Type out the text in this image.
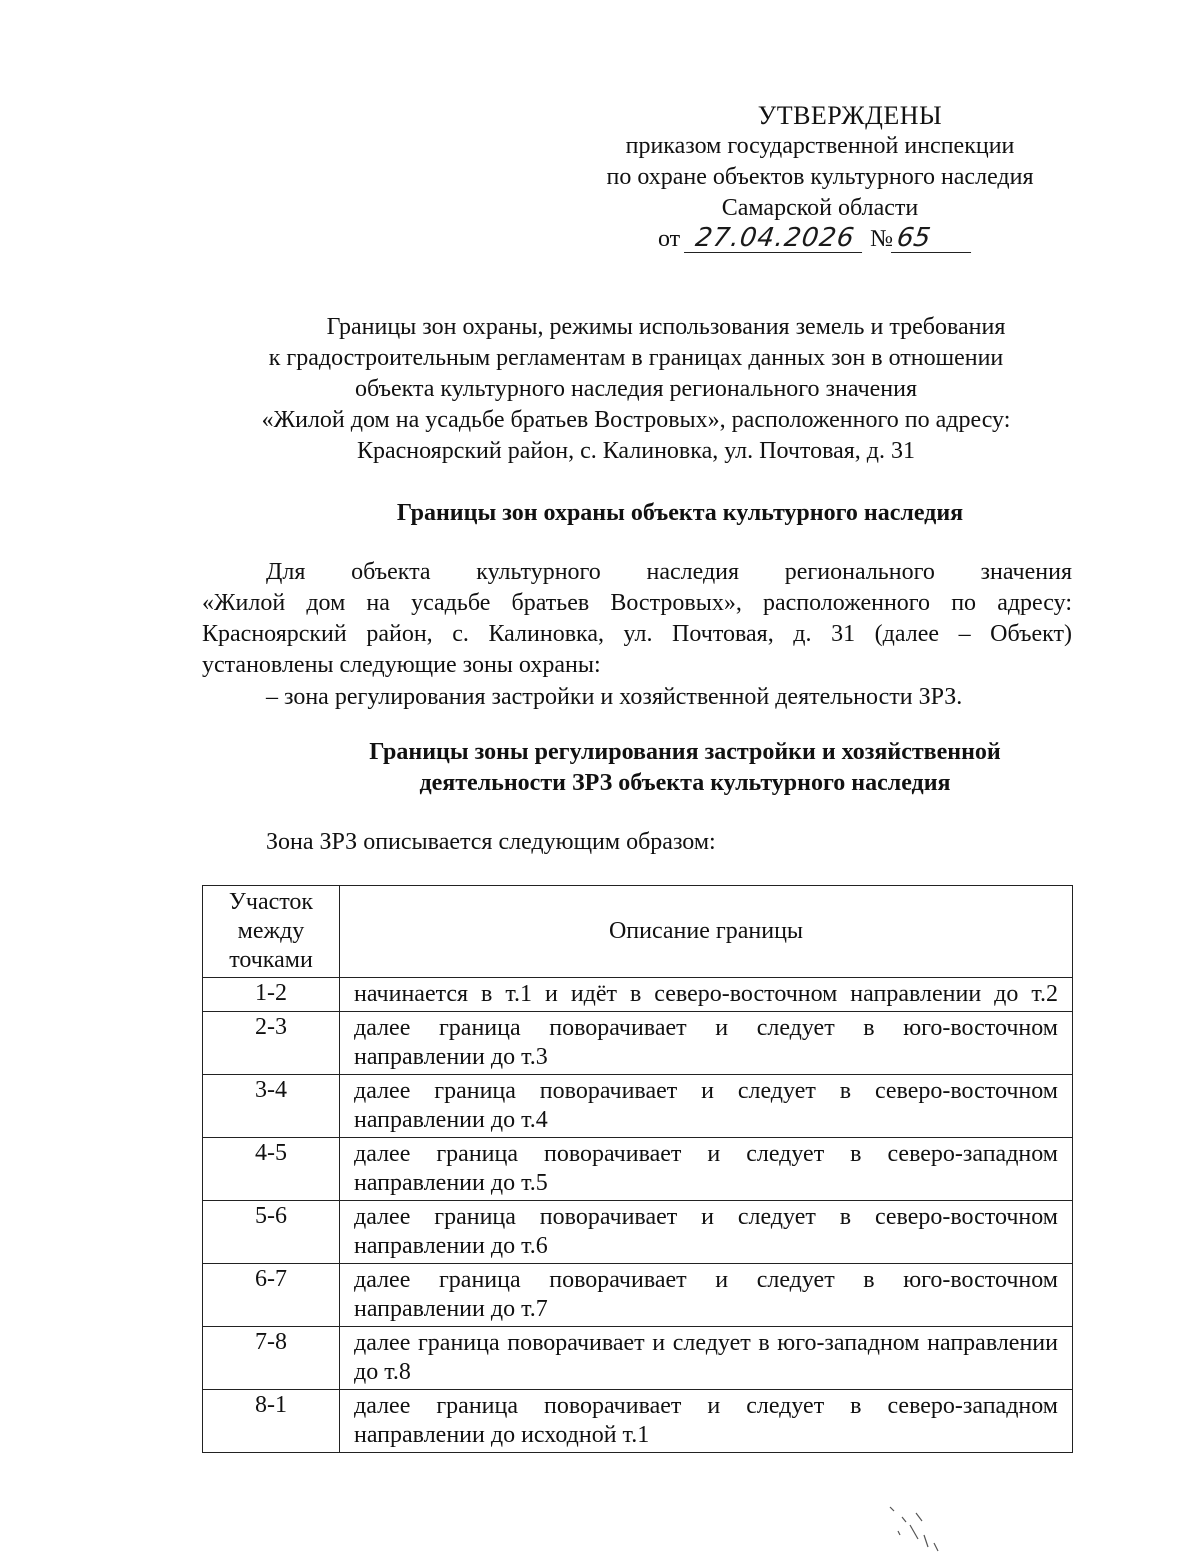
УТВЕРЖДЕНЫ
приказом государственной инспекции
по охране объектов культурного наследия
Самарской области
от 27.04.2026 №65
Границы зон охраны, режимы использования земель и требования
к градостроительным регламентам в границах данных зон в отношении
объекта культурного наследия регионального значения
«Жилой дом на усадьбе братьев Востровых», расположенного по адресу:
Красноярский район, с. Калиновка, ул. Почтовая, д. 31
Границы зон охраны объекта культурного наследия
Для объекта культурного наследия регионального значения
«Жилой дом на усадьбе братьев Востровых», расположенного по адресу:
Красноярский район, с. Калиновка, ул. Почтовая, д. 31 (далее – Объект)
установлены следующие зоны охраны:
– зона регулирования застройки и хозяйственной деятельности ЗРЗ.
Границы зоны регулирования застройки и хозяйственной
деятельности ЗРЗ объекта культурного наследия
Зона ЗРЗ описывается следующим образом:
Участок между точками	Описание границы
1-2	начинается в т.1 и идёт в северо-восточном направлении до т.2

2-3	далее граница поворачивает и следует в юго-восточном направлении до т.3

3-4	далее граница поворачивает и следует в северо-восточном направлении до т.4

4-5	далее граница поворачивает и следует в северо-западном направлении до т.5

5-6	далее граница поворачивает и следует в северо-восточном направлении до т.6

6-7	далее граница поворачивает и следует в юго-восточном направлении до т.7

7-8	далее граница поворачивает и следует в юго-западном направлении до т.8

8-1	далее граница поворачивает и следует в северо-западном направлении до исходной т.1
